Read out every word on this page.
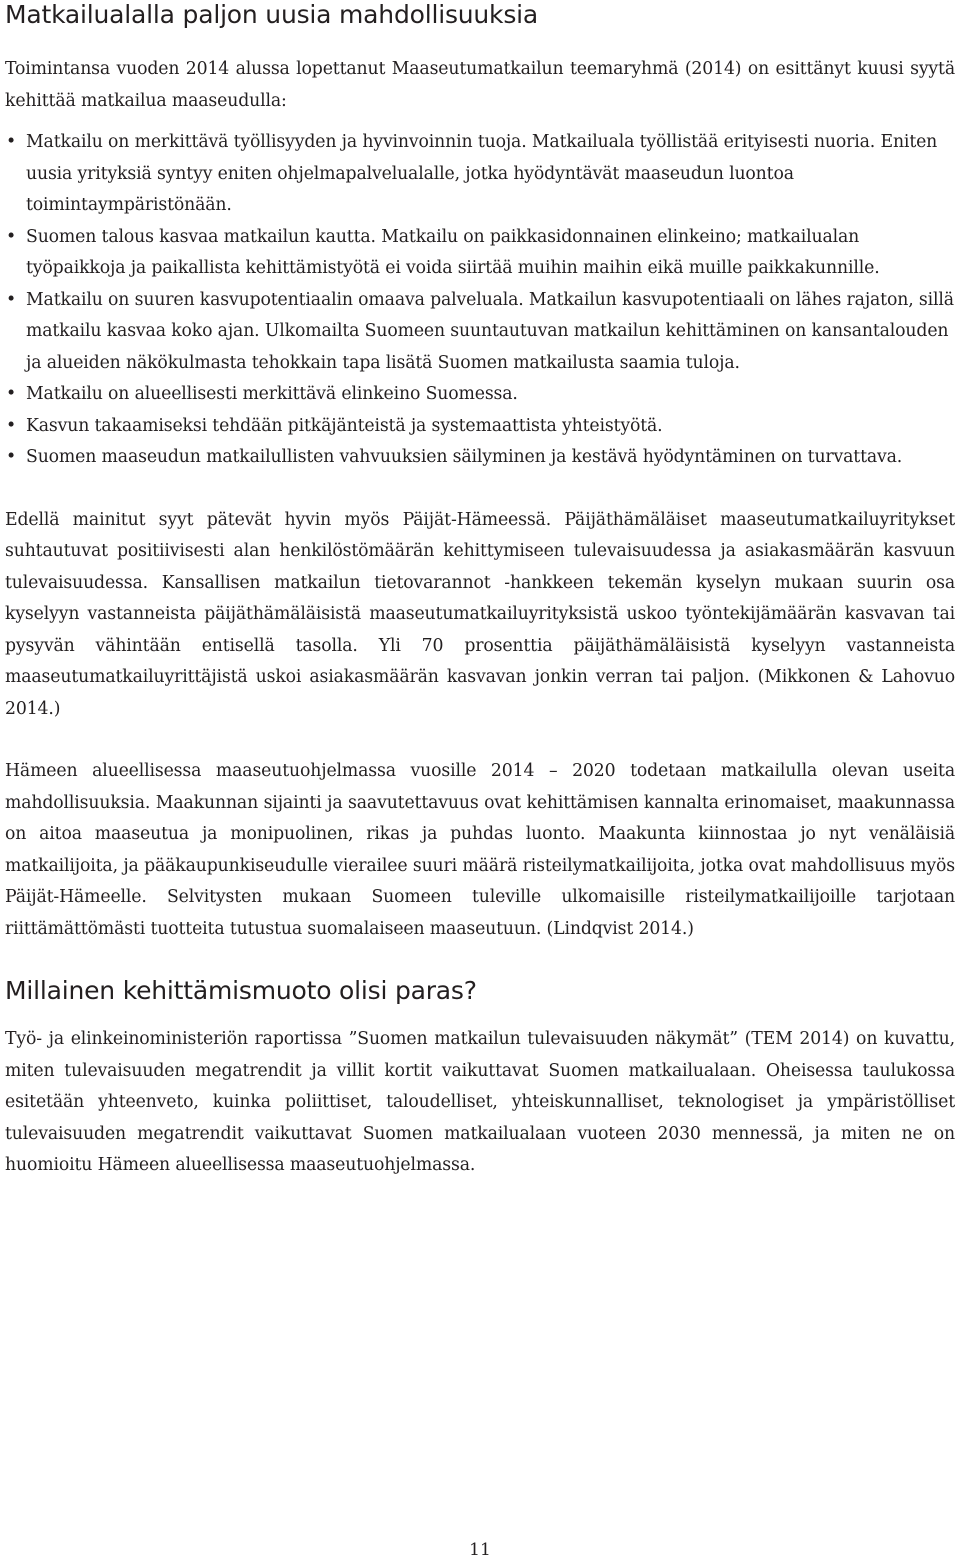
Matkailualalla paljon uusia mahdollisuuksia

Toimintansa vuoden 2014 alussa lopettanut Maaseutumatkailun teemaryhmä (2014) on esittänyt kuusi syytä kehittää matkailua maaseudulla:

• Matkailu on merkittävä työllisyyden ja hyvinvoinnin tuoja. Matkailuala työllistää erityisesti nuoria. Eniten uusia yrityksiä syntyy eniten ohjelmapalvelualalle, jotka hyödyntävät maaseudun luontoa toimintaympäristönään.
• Suomen talous kasvaa matkailun kautta. Matkailu on paikkasidonnainen elinkeino; matkailualan työpaikkoja ja paikallista kehittämistyötä ei voida siirtää muihin maihin eikä muille paikkakunnille.
• Matkailu on suuren kasvupotentiaalin omaava palveluala. Matkailun kasvupotentiaali on lähes rajaton, sillä matkailu kasvaa koko ajan. Ulkomailta Suomeen suuntautuvan matkailun kehittäminen on kansantalouden ja alueiden näkökulmasta tehokkain tapa lisätä Suomen matkailusta saamia tuloja.
• Matkailu on alueellisesti merkittävä elinkeino Suomessa.
• Kasvun takaamiseksi tehdään pitkäjänteistä ja systemaattista yhteistyötä.
• Suomen maaseudun matkailullisten vahvuuksien säilyminen ja kestävä hyödyntäminen on turvattava.

Edellä mainitut syyt pätevät hyvin myös Päijät-Hämeessä. Päijäthämäläiset maaseutumatkailuyritykset suhtautuvat positiivisesti alan henkilöstömäärän kehittymiseen tulevaisuudessa ja asiakasmäärän kasvuun tulevaisuudessa. Kansallisen matkailun tietovarannot -hankkeen tekemän kyselyn mukaan suurin osa kyselyyn vastanneista päijäthämäläisistä maaseutumatkailuyrityksistä uskoo työntekijämäärän kasvavan tai pysyvän vähintään entisellä tasolla. Yli 70 prosenttia päijäthämäläisistä kyselyyn vastanneista maaseutumatkailuyrittäjistä uskoi asiakasmäärän kasvavan jonkin verran tai paljon. (Mikkonen & Lahovuo 2014.)

Hämeen alueellisessa maaseutuohjelmassa vuosille 2014 – 2020 todetaan matkailulla olevan useita mahdollisuuksia. Maakunnan sijainti ja saavutettavuus ovat kehittämisen kannalta erinomaiset, maakunnassa on aitoa maaseutua ja monipuolinen, rikas ja puhdas luonto. Maakunta kiinnostaa jo nyt venäläisiä matkailijoita, ja pääkaupunkiseudulle vierailee suuri määrä risteilymatkailijoita, jotka ovat mahdollisuus myös Päijät-Hämeelle. Selvitysten mukaan Suomeen tuleville ulkomaisille risteilymatkailijoille tarjotaan riittämättömästi tuotteita tutustua suomalaiseen maaseutuun. (Lindqvist 2014.)

Millainen kehittämismuoto olisi paras?

Työ- ja elinkeinoministeriön raportissa ”Suomen matkailun tulevaisuuden näkymät” (TEM 2014) on kuvattu, miten tulevaisuuden megatrendit ja villit kortit vaikuttavat Suomen matkailualaan. Oheisessa taulukossa esitetään yhteenveto, kuinka poliittiset, taloudelliset, yhteiskunnalliset, teknologiset ja ympäristölliset tulevaisuuden megatrendit vaikuttavat Suomen matkailualaan vuoteen 2030 mennessä, ja miten ne on huomioitu Hämeen alueellisessa maaseutuohjelmassa.

11
